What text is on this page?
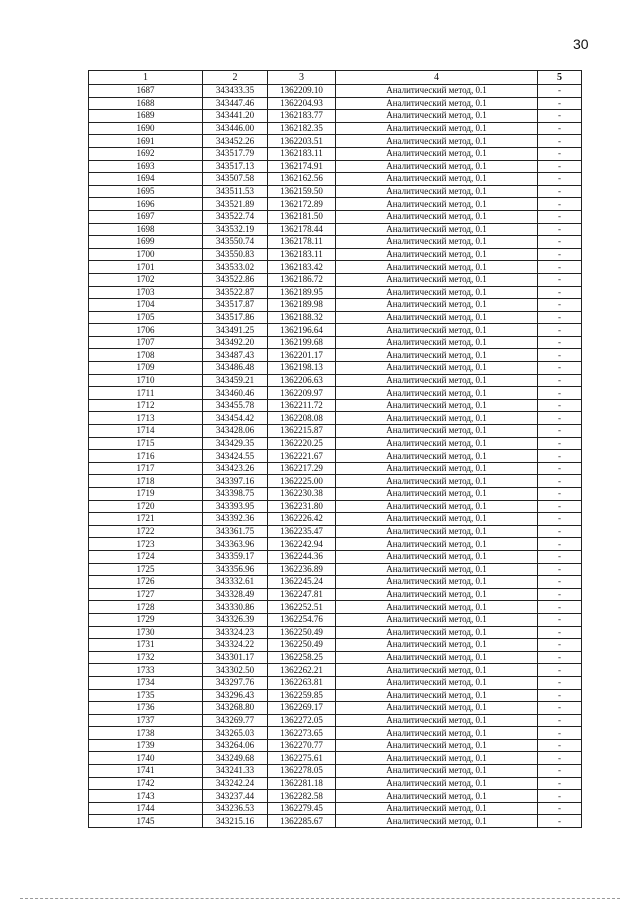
30
1	2	3	4	5
1687	343433.35	1362209.10	Аналитический метод, 0.1	-
1688	343447.46	1362204.93	Аналитический метод, 0.1	-
1689	343441.20	1362183.77	Аналитический метод, 0.1	-
1690	343446.00	1362182.35	Аналитический метод, 0.1	-
1691	343452.26	1362203.51	Аналитический метод, 0.1	-
1692	343517.79	1362183.11	Аналитический метод, 0.1	-
1693	343517.13	1362174.91	Аналитический метод, 0.1	-
1694	343507.58	1362162.56	Аналитический метод, 0.1	-
1695	343511.53	1362159.50	Аналитический метод, 0.1	-
1696	343521.89	1362172.89	Аналитический метод, 0.1	-
1697	343522.74	1362181.50	Аналитический метод, 0.1	-
1698	343532.19	1362178.44	Аналитический метод, 0.1	-
1699	343550.74	1362178.11	Аналитический метод, 0.1	-
1700	343550.83	1362183.11	Аналитический метод, 0.1	-
1701	343533.02	1362183.42	Аналитический метод, 0.1	-
1702	343522.86	1362186.72	Аналитический метод, 0.1	-
1703	343522.87	1362189.95	Аналитический метод, 0.1	-
1704	343517.87	1362189.98	Аналитический метод, 0.1	-
1705	343517.86	1362188.32	Аналитический метод, 0.1	-
1706	343491.25	1362196.64	Аналитический метод, 0.1	-
1707	343492.20	1362199.68	Аналитический метод, 0.1	-
1708	343487.43	1362201.17	Аналитический метод, 0.1	-
1709	343486.48	1362198.13	Аналитический метод, 0.1	-
1710	343459.21	1362206.63	Аналитический метод, 0.1	-
1711	343460.46	1362209.97	Аналитический метод, 0.1	-
1712	343455.78	1362211.72	Аналитический метод, 0.1	-
1713	343454.42	1362208.08	Аналитический метод, 0.1	-
1714	343428.06	1362215.87	Аналитический метод, 0.1	-
1715	343429.35	1362220.25	Аналитический метод, 0.1	-
1716	343424.55	1362221.67	Аналитический метод, 0.1	-
1717	343423.26	1362217.29	Аналитический метод, 0.1	-
1718	343397.16	1362225.00	Аналитический метод, 0.1	-
1719	343398.75	1362230.38	Аналитический метод, 0.1	-
1720	343393.95	1362231.80	Аналитический метод, 0.1	-
1721	343392.36	1362226.42	Аналитический метод, 0.1	-
1722	343361.75	1362235.47	Аналитический метод, 0.1	-
1723	343363.96	1362242.94	Аналитический метод, 0.1	-
1724	343359.17	1362244.36	Аналитический метод, 0.1	-
1725	343356.96	1362236.89	Аналитический метод, 0.1	-
1726	343332.61	1362245.24	Аналитический метод, 0.1	-
1727	343328.49	1362247.81	Аналитический метод, 0.1	-
1728	343330.86	1362252.51	Аналитический метод, 0.1	-
1729	343326.39	1362254.76	Аналитический метод, 0.1	-
1730	343324.23	1362250.49	Аналитический метод, 0.1	-
1731	343324.22	1362250.49	Аналитический метод, 0.1	-
1732	343301.17	1362258.25	Аналитический метод, 0.1	-
1733	343302.50	1362262.21	Аналитический метод, 0.1	-
1734	343297.76	1362263.81	Аналитический метод, 0.1	-
1735	343296.43	1362259.85	Аналитический метод, 0.1	-
1736	343268.80	1362269.17	Аналитический метод, 0.1	-
1737	343269.77	1362272.05	Аналитический метод, 0.1	-
1738	343265.03	1362273.65	Аналитический метод, 0.1	-
1739	343264.06	1362270.77	Аналитический метод, 0.1	-
1740	343249.68	1362275.61	Аналитический метод, 0.1	-
1741	343241.33	1362278.05	Аналитический метод, 0.1	-
1742	343242.24	1362281.18	Аналитический метод, 0.1	-
1743	343237.44	1362282.58	Аналитический метод, 0.1	-
1744	343236.53	1362279.45	Аналитический метод, 0.1	-
1745	343215.16	1362285.67	Аналитический метод, 0.1	-
